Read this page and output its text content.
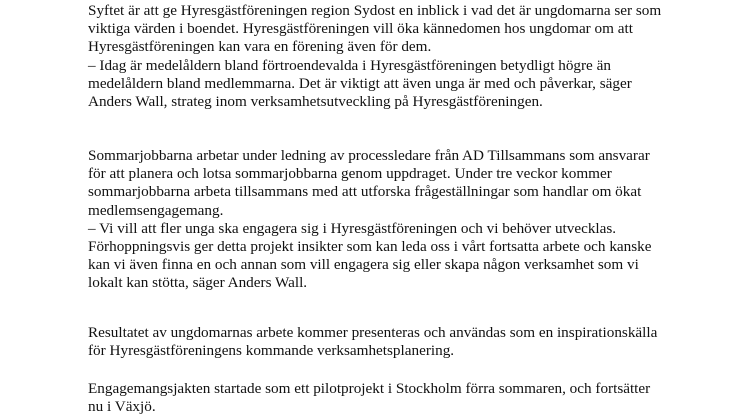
Syftet är att ge Hyresgästföreningen region Sydost en inblick i vad det är ungdomarna ser som
viktiga värden i boendet. Hyresgästföreningen vill öka kännedomen hos ungdomar om att
Hyresgästföreningen kan vara en förening även för dem.
– Idag är medelåldern bland förtroendevalda i Hyresgästföreningen betydligt högre än
medelåldern bland medlemmarna. Det är viktigt att även unga är med och påverkar, säger
Anders Wall, strateg inom verksamhetsutveckling på Hyresgästföreningen.

Sommarjobbarna arbetar under ledning av processledare från AD Tillsammans som ansvarar
för att planera och lotsa sommarjobbarna genom uppdraget. Under tre veckor kommer
sommarjobbarna arbeta tillsammans med att utforska frågeställningar som handlar om ökat
medlemsengagemang.
– Vi vill att fler unga ska engagera sig i Hyresgästföreningen och vi behöver utvecklas.
Förhoppningsvis ger detta projekt insikter som kan leda oss i vårt fortsatta arbete och kanske
kan vi även finna en och annan som vill engagera sig eller skapa någon verksamhet som vi
lokalt kan stötta, säger Anders Wall.

Resultatet av ungdomarnas arbete kommer presenteras och användas som en inspirationskälla
för Hyresgästföreningens kommande verksamhetsplanering.

Engagemangsjakten startade som ett pilotprojekt i Stockholm förra sommaren, och fortsätter
nu i Växjö.
